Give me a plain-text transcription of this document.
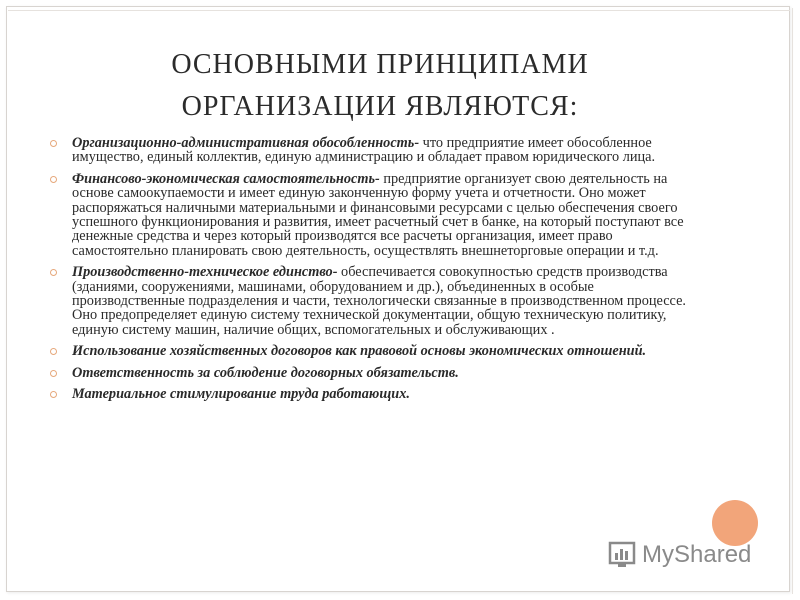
ОСНОВНЫМИ ПРИНЦИПАМИ
ОРГАНИЗАЦИИ ЯВЛЯЮТСЯ:
Организационно-административная обособленность- что предприятие имеет обособленное имущество, единый коллектив, единую администрацию и обладает правом юридического лица.
Финансово-экономическая самостоятельность- предприятие организует свою деятельность на основе самоокупаемости и имеет единую законченную форму учета и отчетности. Оно может распоряжаться наличными материальными и финансовыми ресурсами с целью обеспечения своего успешного функционирования и развития, имеет расчетный счет в банке, на который поступают все денежные средства и через который производятся все расчеты организация, имеет право самостоятельно планировать свою деятельность, осуществлять внешнеторговые операции и т.д.
Производственно-техническое единство- обеспечивается совокупностью средств производства (зданиями, сооружениями, машинами, оборудованием и др.), объединенных в особые производственные подразделения и части, технологически связанные в производственном процессе. Оно предопределяет единую систему технической документации, общую техническую политику, единую систему машин, наличие общих, вспомогательных и обслуживающих .
Использование хозяйственных договоров как правовой основы экономических отношений.
Ответственность за соблюдение договорных обязательств.
Материальное стимулирование труда работающих.
MyShared
